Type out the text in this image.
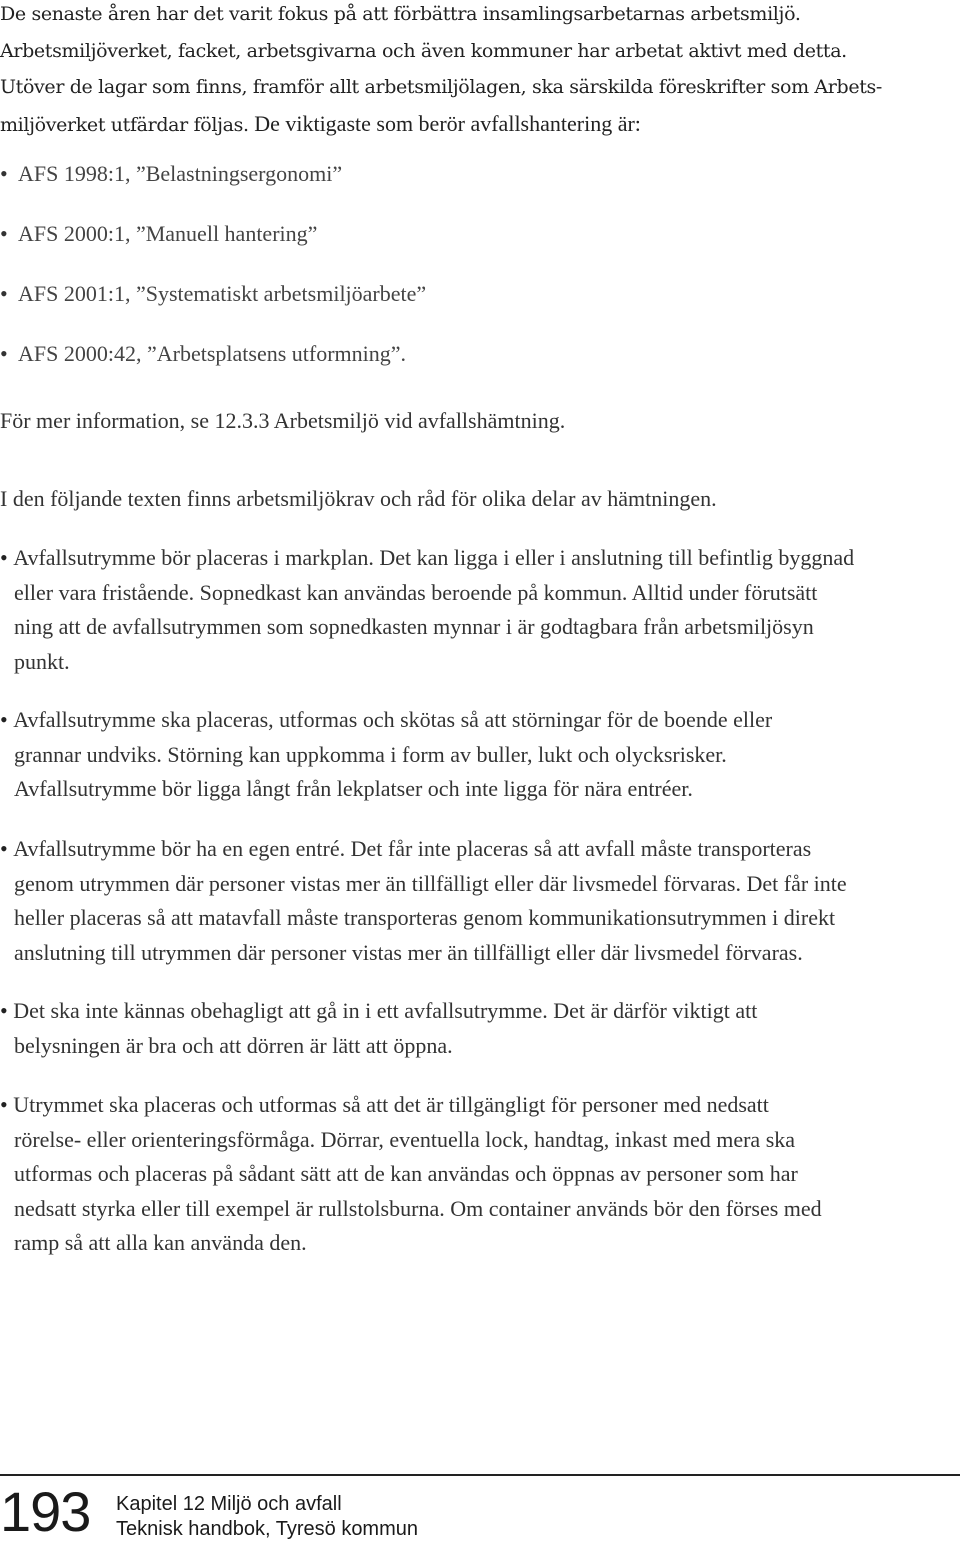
De senaste åren har det varit fokus på att förbättra insamlingsarbetarnas arbetsmiljö.
Arbetsmiljöverket, facket, arbetsgivarna och även kommuner har arbetat aktivt med detta.
Utöver de lagar som finns, framför allt arbetsmiljölagen, ska särskilda föreskrifter som Arbets-
miljöverket utfärdar följas. De viktigaste som berör avfallshantering är:
• AFS 1998:1, ”Belastningsergonomi”
• AFS 2000:1, ”Manuell hantering”
• AFS 2001:1, ”Systematiskt arbetsmiljöarbete”
• AFS 2000:42, ”Arbetsplatsens utformning”.
För mer information, se 12.3.3 Arbetsmiljö vid avfallshämtning.
I den följande texten finns arbetsmiljökrav och råd för olika delar av hämtningen.
• Avfallsutrymme bör placeras i markplan. Det kan ligga i eller i anslutning till befintlig byggnad
eller vara fristående. Sopnedkast kan användas beroende på kommun. Alltid under förutsätt
ning att de avfallsutrymmen som sopnedkasten mynnar i är godtagbara från arbetsmiljösyn
punkt.
• Avfallsutrymme ska placeras, utformas och skötas så att störningar för de boende eller
grannar undviks. Störning kan uppkomma i form av buller, lukt och olycksrisker.
Avfallsutrymme bör ligga långt från lekplatser och inte ligga för nära entréer.
• Avfallsutrymme bör ha en egen entré. Det får inte placeras så att avfall måste transporteras
genom utrymmen där personer vistas mer än tillfälligt eller där livsmedel förvaras. Det får inte
heller placeras så att matavfall måste transporteras genom kommunikationsutrymmen i direkt
anslutning till utrymmen där personer vistas mer än tillfälligt eller där livsmedel förvaras.
• Det ska inte kännas obehagligt att gå in i ett avfallsutrymme. Det är därför viktigt att
belysningen är bra och att dörren är lätt att öppna.
• Utrymmet ska placeras och utformas så att det är tillgängligt för personer med nedsatt
rörelse- eller orienteringsförmåga. Dörrar, eventuella lock, handtag, inkast med mera ska
utformas och placeras på sådant sätt att de kan användas och öppnas av personer som har
nedsatt styrka eller till exempel är rullstolsburna. Om container används bör den förses med
ramp så att alla kan använda den.
193 Kapitel 12 Miljö och avfall
Teknisk handbok, Tyresö kommun
